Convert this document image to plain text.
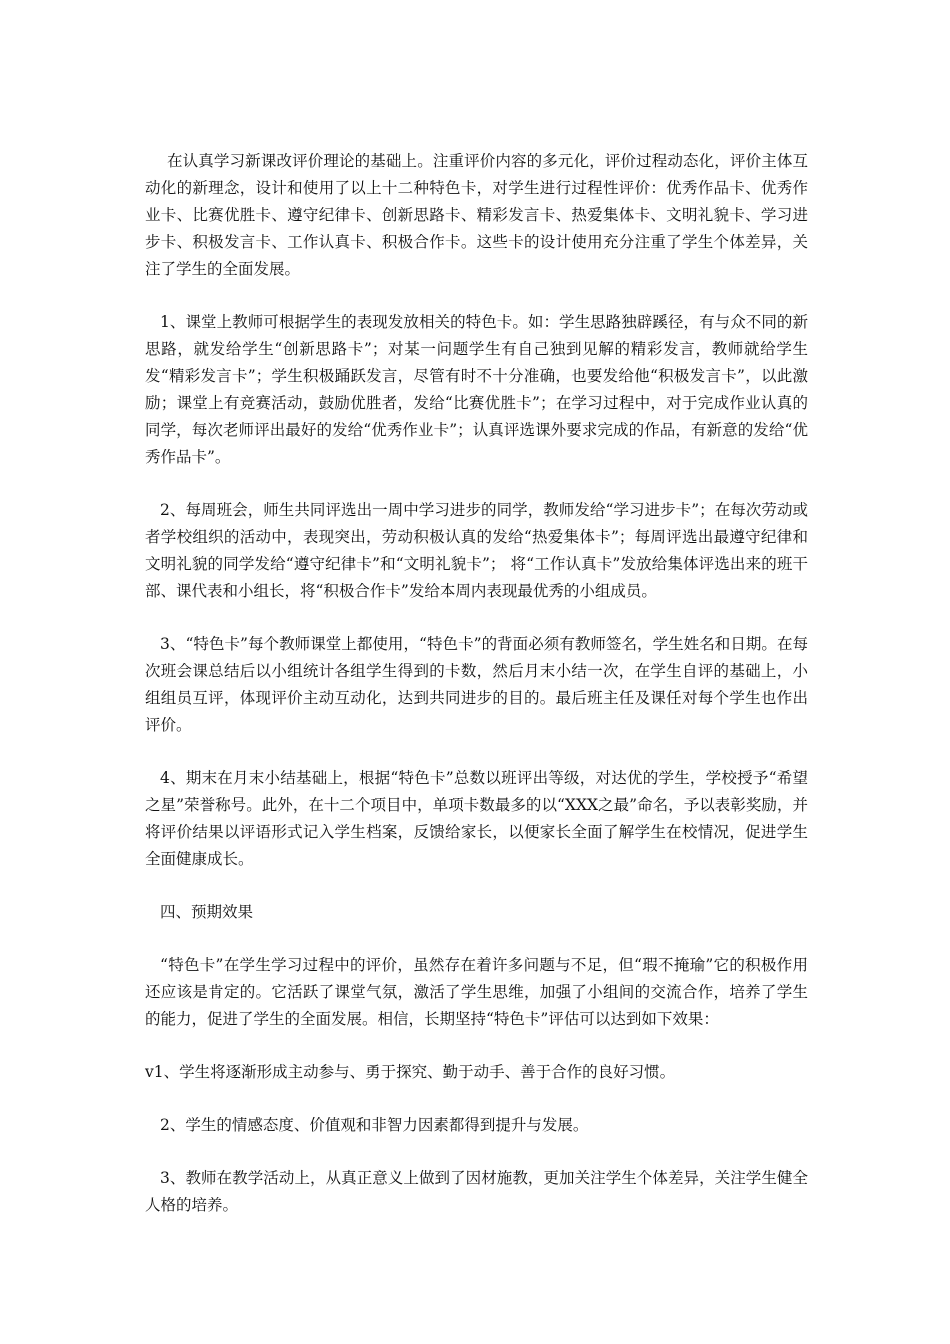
在认真学习新课改评价理论的基础上。注重评价内容的多元化，评价过程动态化，评价主体互动化的新理念，设计和使用了以上十二种特色卡，对学生进行过程性评价：优秀作品卡、优秀作业卡、比赛优胜卡、遵守纪律卡、创新思路卡、精彩发言卡、热爱集体卡、文明礼貌卡、学习进步卡、积极发言卡、工作认真卡、积极合作卡。这些卡的设计使用充分注重了学生个体差异，关注了学生的全面发展。

1、课堂上教师可根据学生的表现发放相关的特色卡。如：学生思路独辟蹊径，有与众不同的新思路，就发给学生“创新思路卡”；对某一问题学生有自己独到见解的精彩发言，教师就给学生发“精彩发言卡”；学生积极踊跃发言，尽管有时不十分准确，也要发给他“积极发言卡”，以此激励；课堂上有竞赛活动，鼓励优胜者，发给“比赛优胜卡”；在学习过程中，对于完成作业认真的同学，每次老师评出最好的发给“优秀作业卡”；认真评选课外要求完成的作品，有新意的发给“优秀作品卡”。

2、每周班会，师生共同评选出一周中学习进步的同学，教师发给“学习进步卡”；在每次劳动或者学校组织的活动中，表现突出，劳动积极认真的发给“热爱集体卡”；每周评选出最遵守纪律和文明礼貌的同学发给“遵守纪律卡”和“文明礼貌卡”； 将“工作认真卡”发放给集体评选出来的班干部、课代表和小组长，将“积极合作卡”发给本周内表现最优秀的小组成员。

3、“特色卡”每个教师课堂上都使用，“特色卡”的背面必须有教师签名，学生姓名和日期。在每次班会课总结后以小组统计各组学生得到的卡数，然后月末小结一次，在学生自评的基础上，小组组员互评，体现评价主动互动化，达到共同进步的目的。最后班主任及课任对每个学生也作出评价。

4、期末在月末小结基础上，根据“特色卡”总数以班评出等级，对达优的学生，学校授予“希望之星”荣誉称号。此外，在十二个项目中，单项卡数最多的以“XXX之最”命名，予以表彰奖励，并将评价结果以评语形式记入学生档案，反馈给家长，以便家长全面了解学生在校情况，促进学生全面健康成长。

四、预期效果

“特色卡”在学生学习过程中的评价，虽然存在着许多问题与不足，但“瑕不掩瑜”它的积极作用还应该是肯定的。它活跃了课堂气氛，激活了学生思维，加强了小组间的交流合作，培养了学生的能力，促进了学生的全面发展。相信，长期坚持“特色卡”评估可以达到如下效果：

v1、学生将逐渐形成主动参与、勇于探究、勤于动手、善于合作的良好习惯。

2、学生的情感态度、价值观和非智力因素都得到提升与发展。

3、教师在教学活动上，从真正意义上做到了因材施教，更加关注学生个体差异，关注学生健全人格的培养。
